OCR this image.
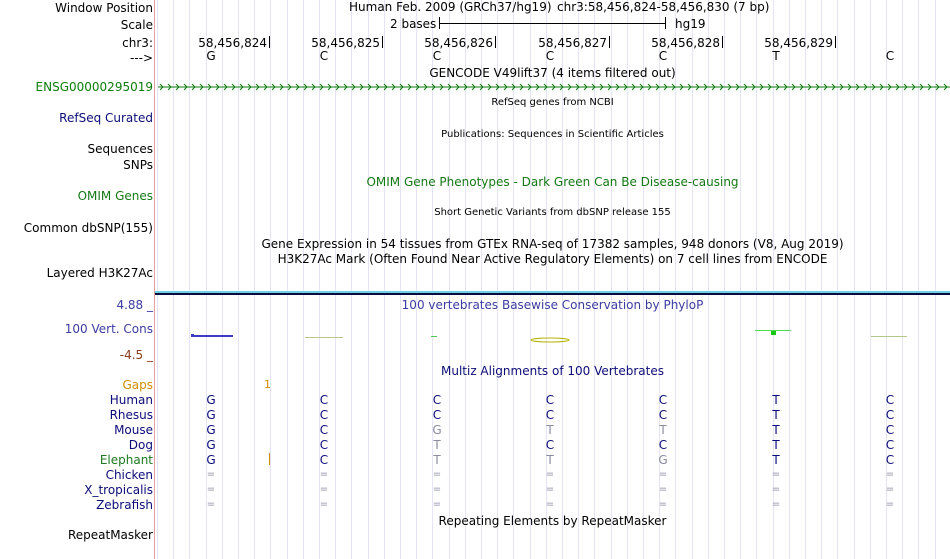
Window Position	Human Feb. 2009 (GRCh37/hg19) chr3:58,456,824-58,456,830 (7 bp)
Scale	2 bases	hg19
chr3:	58,456,824	58,456,825	58,456,826	58,456,827	58,456,828	58,456,829
--->	G	C	C	C	C	T	C
GENCODE V49lift37 (4 items filtered out)
ENSG00000295019
RefSeq genes from NCBI
RefSeq Curated
Publications: Sequences in Scientific Articles
Sequences
SNPs
OMIM Gene Phenotypes - Dark Green Can Be Disease-causing
OMIM Genes
Short Genetic Variants from dbSNP release 155
Common dbSNP(155)
Gene Expression in 54 tissues from GTEx RNA-seq of 17382 samples, 948 donors (V8, Aug 2019)
H3K27Ac Mark (Often Found Near Active Regulatory Elements) on 7 cell lines from ENCODE
Layered H3K27Ac
100 vertebrates Basewise Conservation by PhyloP
4.88 _
100 Vert. Cons
-4.5 _
Multiz Alignments of 100 Vertebrates
Gaps	1
Human	G	C	C	C	C	T	C
Rhesus	G	C	C	C	C	T	C
Mouse	G	C	G	T	T	T	C
Dog	G	C	T	C	C	T	C
Elephant	G	C	T	T	G	T	C
Chicken	=	=	=	=	=	=	=
X_tropicalis	=	=	=	=	=	=	=
Zebrafish	=	=	=	=	=	=	=
Repeating Elements by RepeatMasker
RepeatMasker
